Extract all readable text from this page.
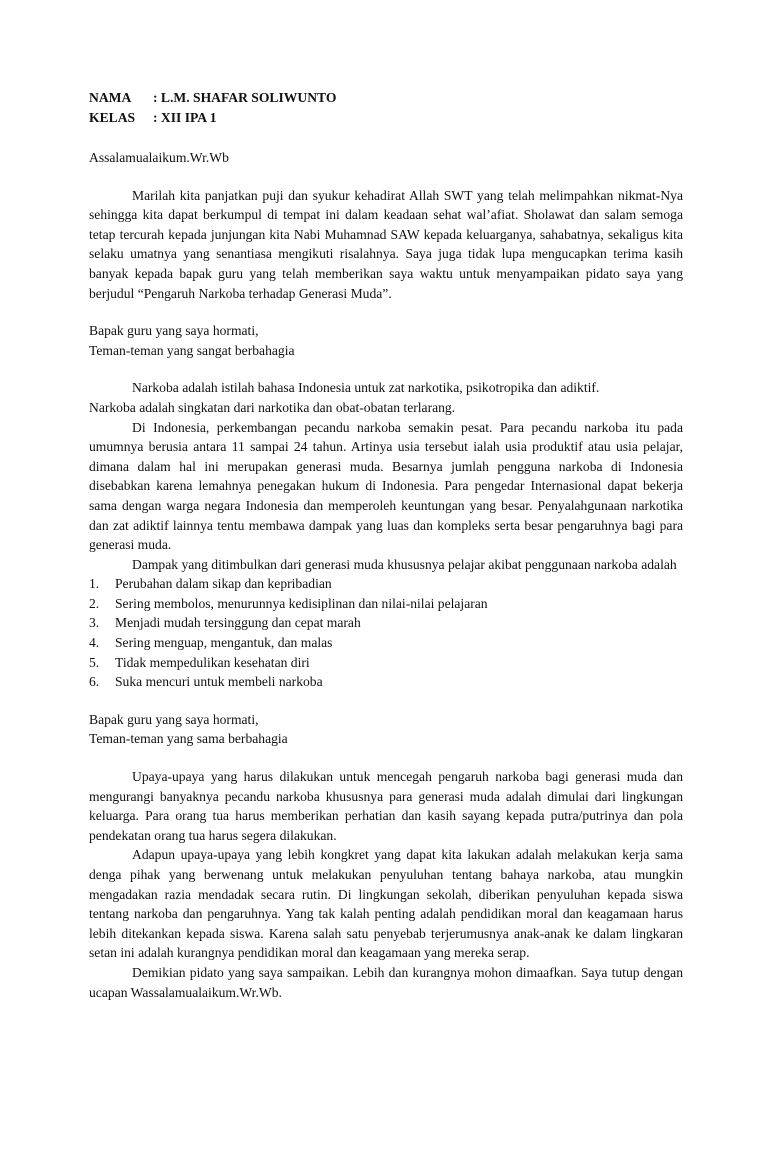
NAMA	: L.M. SHAFAR SOLIWUNTO
KELAS	: XII IPA 1
Assalamualaikum.Wr.Wb

Marilah kita panjatkan puji dan syukur kehadirat Allah SWT yang telah melimpahkan nikmat-Nya sehingga kita dapat berkumpul di tempat ini dalam keadaan sehat wal’afiat. Sholawat dan salam semoga tetap tercurah kepada junjungan kita Nabi Muhamnad SAW kepada keluarganya, sahabatnya, sekaligus kita selaku umatnya yang senantiasa mengikuti risalahnya. Saya juga tidak lupa mengucapkan terima kasih banyak kepada bapak guru yang telah memberikan saya waktu untuk menyampaikan pidato saya yang berjudul “Pengaruh Narkoba terhadap Generasi Muda”.

Bapak guru yang saya hormati,
Teman-teman yang sangat berbahagia

Narkoba adalah istilah bahasa Indonesia untuk zat narkotika, psikotropika dan adiktif.

Narkoba adalah singkatan dari narkotika dan obat-obatan terlarang.

Di Indonesia, perkembangan pecandu narkoba semakin pesat. Para pecandu narkoba itu pada umumnya berusia antara 11 sampai 24 tahun. Artinya usia tersebut ialah usia produktif atau usia pelajar, dimana dalam hal ini merupakan generasi muda. Besarnya jumlah pengguna narkoba di Indonesia disebabkan karena lemahnya penegakan hukum di Indonesia. Para pengedar Internasional dapat bekerja sama dengan warga negara Indonesia dan memperoleh keuntungan yang besar. Penyalahgunaan narkotika dan zat adiktif lainnya tentu membawa dampak yang luas dan kompleks serta besar pengaruhnya bagi para generasi muda.

Dampak yang ditimbulkan dari generasi muda khususnya pelajar akibat penggunaan narkoba adalah

1.	Perubahan dalam sikap dan kepribadian
2.	Sering membolos, menurunnya kedisiplinan dan nilai-nilai pelajaran
3.	Menjadi mudah tersinggung dan cepat marah
4.	Sering menguap, mengantuk, dan malas
5.	Tidak mempedulikan kesehatan diri
6.	Suka mencuri untuk membeli narkoba
Bapak guru yang saya hormati,
Teman-teman yang sama berbahagia

Upaya-upaya yang harus dilakukan untuk mencegah pengaruh narkoba bagi generasi muda dan mengurangi banyaknya pecandu narkoba khususnya para generasi muda adalah dimulai dari lingkungan keluarga. Para orang tua harus memberikan perhatian dan kasih sayang kepada putra/putrinya dan pola pendekatan orang tua harus segera dilakukan.

Adapun upaya-upaya yang lebih kongkret yang dapat kita lakukan adalah melakukan kerja sama denga pihak yang berwenang untuk melakukan penyuluhan tentang bahaya narkoba, atau mungkin mengadakan razia mendadak secara rutin. Di lingkungan sekolah, diberikan penyuluhan kepada siswa tentang narkoba dan pengaruhnya. Yang tak kalah penting adalah pendidikan moral dan keagamaan harus lebih ditekankan kepada siswa. Karena salah satu penyebab terjerumusnya anak-anak ke dalam lingkaran setan ini adalah kurangnya pendidikan moral dan keagamaan yang mereka serap.

Demikian pidato yang saya sampaikan. Lebih dan kurangnya mohon dimaafkan. Saya tutup dengan ucapan Wassalamualaikum.Wr.Wb.
